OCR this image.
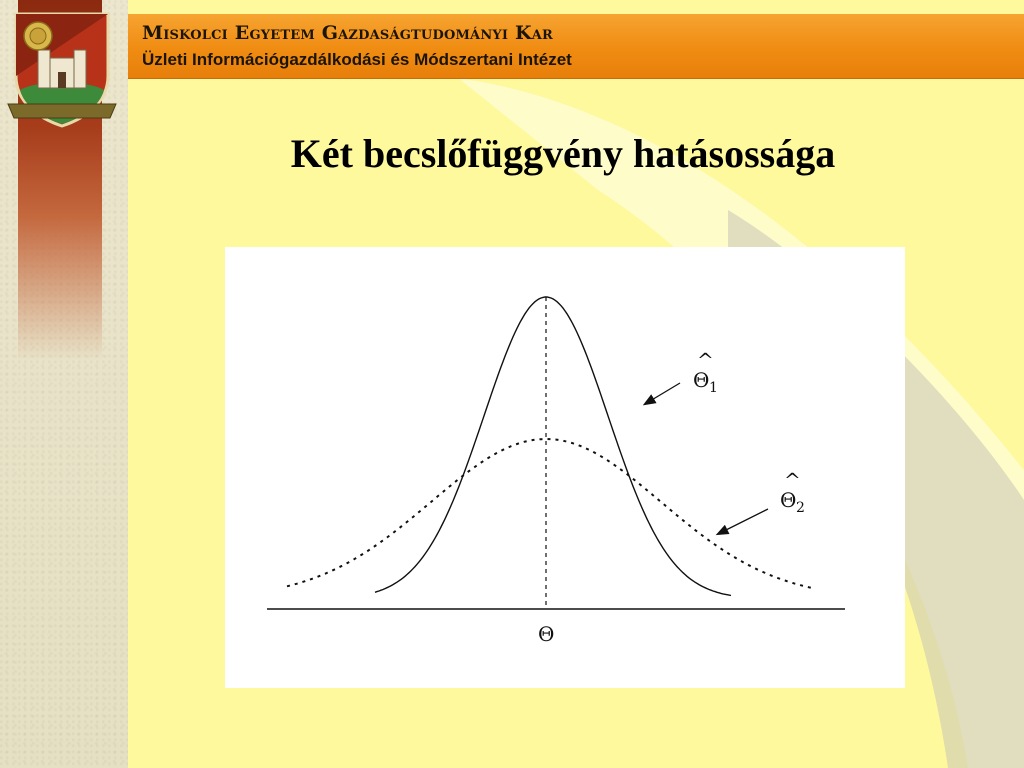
Miskolci Egyetem Gazdaságtudományi Kar
Üzleti Információgazdálkodási és Módszertani Intézet
Két becslőfüggvény hatásossága
^
Θ 1
^
Θ 2
Θ
